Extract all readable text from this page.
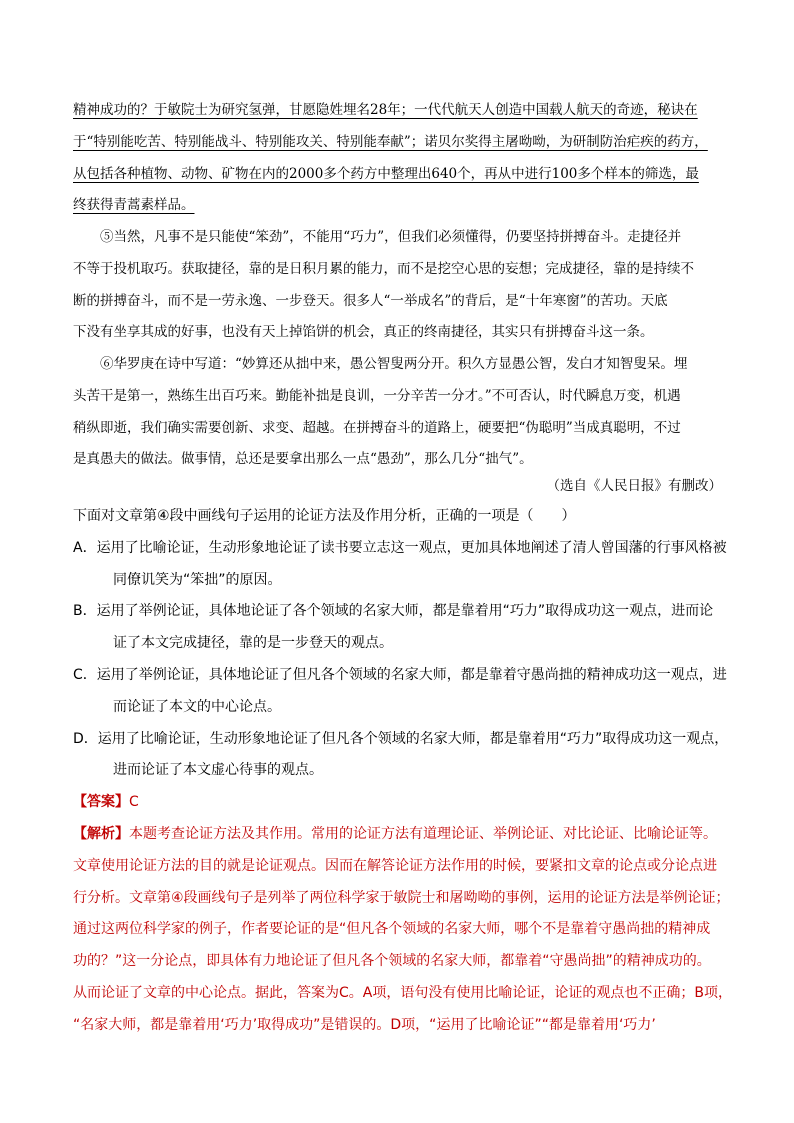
精神成功的？于敏院士为研究氢弹，甘愿隐姓埋名28年；一代代航天人创造中国载人航天的奇迹，秘诀在
于“特别能吃苦、特别能战斗、特别能攻关、特别能奉献”；诺贝尔奖得主屠呦呦，为研制防治疟疾的药方，
从包括各种植物、动物、矿物在内的2000多个药方中整理出640个，再从中进行100多个样本的筛选，最
终获得青蒿素样品。
⑤当然，凡事不是只能使“笨劲”，不能用“巧力”，但我们必须懂得，仍要坚持拼搏奋斗。走捷径并
不等于投机取巧。获取捷径，靠的是日积月累的能力，而不是挖空心思的妄想；完成捷径，靠的是持续不
断的拼搏奋斗，而不是一劳永逸、一步登天。很多人“一举成名”的背后，是“十年寒窗”的苦功。天底
下没有坐享其成的好事，也没有天上掉馅饼的机会，真正的终南捷径，其实只有拼搏奋斗这一条。
⑥华罗庚在诗中写道：“妙算还从拙中来，愚公智叟两分开。积久方显愚公智，发白才知智叟呆。埋
头苦干是第一，熟练生出百巧来。勤能补拙是良训，一分辛苦一分才。”不可否认，时代瞬息万变，机遇
稍纵即逝，我们确实需要创新、求变、超越。在拼搏奋斗的道路上，硬要把“伪聪明”当成真聪明，不过
是真愚夫的做法。做事情，总还是要拿出那么一点“愚劲”，那么几分“拙气”。
（选自《人民日报》有删改）
下面对文章第④段中画线句子运用的论证方法及作用分析，正确的一项是（　　）
A．运用了比喻论证，生动形象地论证了读书要立志这一观点，更加具体地阐述了清人曾国藩的行事风格被
同僚讥笑为“笨拙”的原因。
B．运用了举例论证，具体地论证了各个领域的名家大师，都是靠着用“巧力”取得成功这一观点，进而论
证了本文完成捷径，靠的是一步登天的观点。
C．运用了举例论证，具体地论证了但凡各个领域的名家大师，都是靠着守愚尚拙的精神成功这一观点，进
而论证了本文的中心论点。
D．运用了比喻论证，生动形象地论证了但凡各个领域的名家大师，都是靠着用“巧力”取得成功这一观点，
进而论证了本文虚心待事的观点。
【答案】C
【解析】本题考查论证方法及其作用。常用的论证方法有道理论证、举例论证、对比论证、比喻论证等。
文章使用论证方法的目的就是论证观点。因而在解答论证方法作用的时候，要紧扣文章的论点或分论点进
行分析。文章第④段画线句子是列举了两位科学家于敏院士和屠呦呦的事例，运用的论证方法是举例论证；
通过这两位科学家的例子，作者要论证的是“但凡各个领域的名家大师，哪个不是靠着守愚尚拙的精神成
功的？”这一分论点，即具体有力地论证了但凡各个领域的名家大师，都靠着“守愚尚拙”的精神成功的。
从而论证了文章的中心论点。据此，答案为C。A项，语句没有使用比喻论证，论证的观点也不正确；B项，
“名家大师，都是靠着用‘巧力’取得成功”是错误的。D项，“运用了比喻论证”“都是靠着用‘巧力’
